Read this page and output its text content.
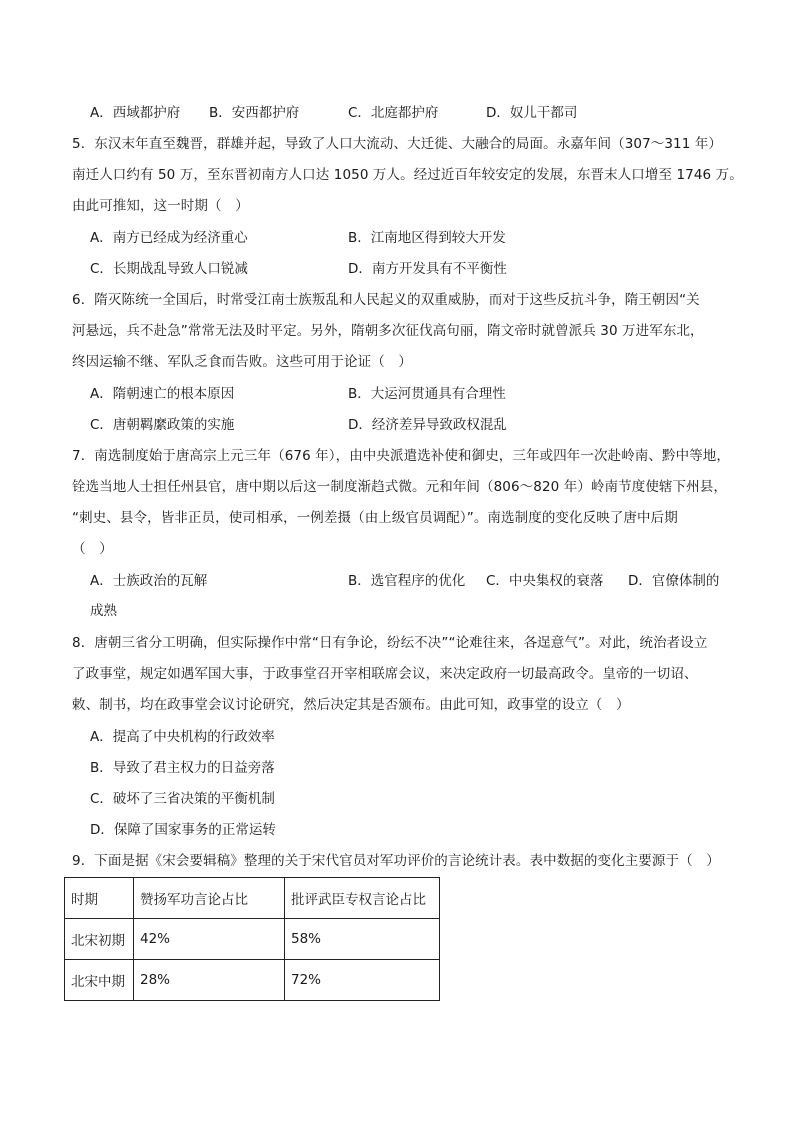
A．西域都护府 B．安西都护府	C．北庭都护府	D．奴儿干都司
5．东汉末年直至魏晋，群雄并起，导致了人口大流动、大迁徙、大融合的局面。永嘉年间（307～311 年）
南迁人口约有 50 万，至东晋初南方人口达 1050 万人。经过近百年较安定的发展，东晋末人口增至 1746 万。
由此可推知，这一时期（　）
A．南方已经成为经济重心	B．江南地区得到较大开发
C．长期战乱导致人口锐减	D．南方开发具有不平衡性
6．隋灭陈统一全国后，时常受江南士族叛乱和人民起义的双重威胁，而对于这些反抗斗争，隋王朝因“关
河悬远，兵不赴急”常常无法及时平定。另外，隋朝多次征伐高句丽，隋文帝时就曾派兵 30 万进军东北，
终因运输不继、军队乏食而告败。这些可用于论证（　）
A．隋朝速亡的根本原因	B．大运河贯通具有合理性
C．唐朝羁縻政策的实施	D．经济差异导致政权混乱
7．南选制度始于唐高宗上元三年（676 年），由中央派遣选补使和御史，三年或四年一次赴岭南、黔中等地，
铨选当地人士担任州县官，唐中期以后这一制度渐趋式微。元和年间（806～820 年）岭南节度使辖下州县，
“刺史、县令，皆非正员，使司相承，一例差摄（由上级官员调配）”。南选制度的变化反映了唐中后期
（　）
A．士族政治的瓦解	B．选官程序的优化 C．中央集权的衰落 D．官僚体制的
成熟
8．唐朝三省分工明确，但实际操作中常“日有争论，纷纭不决”“论难往来，各逞意气”。对此，统治者设立
了政事堂，规定如遇军国大事，于政事堂召开宰相联席会议，来决定政府一切最高政令。皇帝的一切诏、
敕、制书，均在政事堂会议讨论研究，然后决定其是否颁布。由此可知，政事堂的设立（　）
A．提高了中央机构的行政效率
B．导致了君主权力的日益旁落
C．破坏了三省决策的平衡机制
D．保障了国家事务的正常运转
9．下面是据《宋会要辑稿》整理的关于宋代官员对军功评价的言论统计表。表中数据的变化主要源于（　）
时期	赞扬军功言论占比	批评武臣专权言论占比
北宋初期	42%	58%
北宋中期	28%	72%
